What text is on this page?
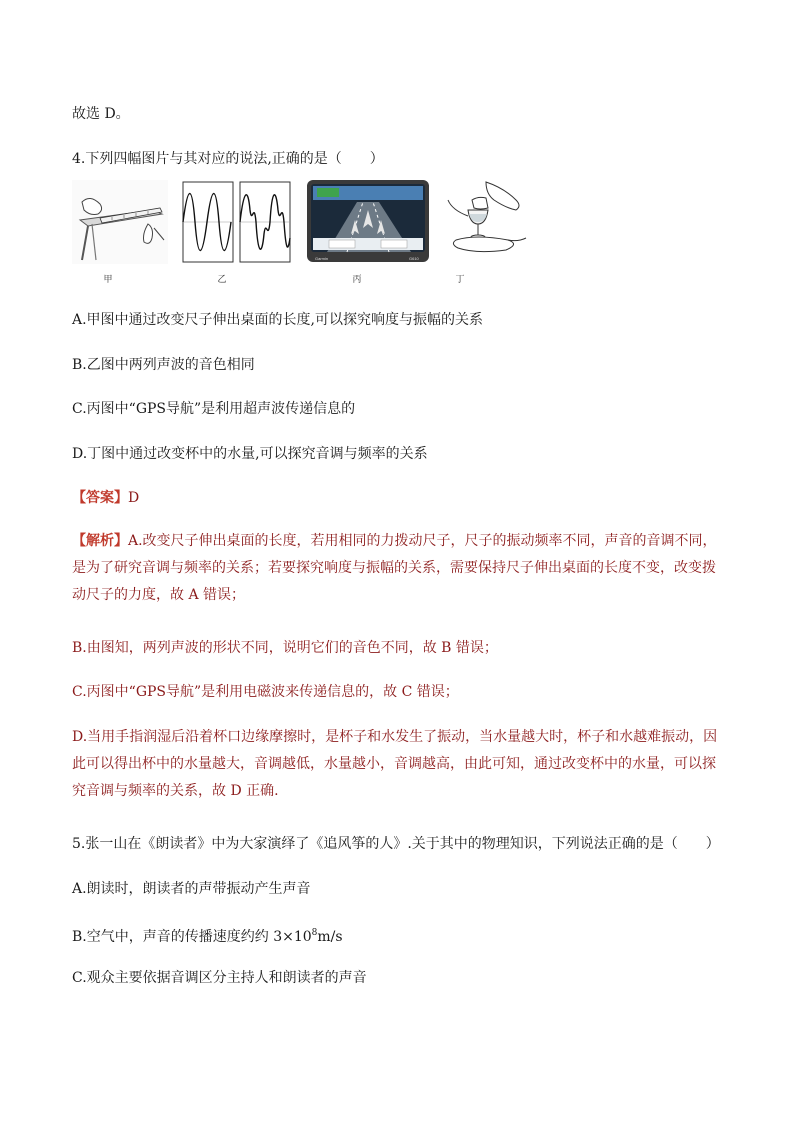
故选 D。
4.下列四幅图片与其对应的说法,正确的是（　　）
Garmin	G610
甲	乙	丙	丁
A.甲图中通过改变尺子伸出桌面的长度,可以探究响度与振幅的关系
B.乙图中两列声波的音色相同
C.丙图中“GPS导航”是利用超声波传递信息的
D.丁图中通过改变杯中的水量,可以探究音调与频率的关系
【答案】D
【解析】A.改变尺子伸出桌面的长度，若用相同的力拨动尺子，尺子的振动频率不同，声音的音调不同，是为了研究音调与频率的关系；若要探究响度与振幅的关系，需要保持尺子伸出桌面的长度不变，改变拨动尺子的力度，故 A 错误；
B.由图知，两列声波的形状不同，说明它们的音色不同，故 B 错误；
C.丙图中“GPS导航”是利用电磁波来传递信息的，故 C 错误；
D.当用手指润湿后沿着杯口边缘摩擦时，是杯子和水发生了振动，当水量越大时，杯子和水越难振动，因此可以得出杯中的水量越大，音调越低，水量越小，音调越高，由此可知，通过改变杯中的水量，可以探究音调与频率的关系，故 D 正确.
5.张一山在《朗读者》中为大家演绎了《追风筝的人》.关于其中的物理知识，下列说法正确的是（　　）
A.朗读时，朗读者的声带振动产生声音
B.空气中，声音的传播速度约约 $3\times 10^8m/s$
C.观众主要依据音调区分主持人和朗读者的声音
